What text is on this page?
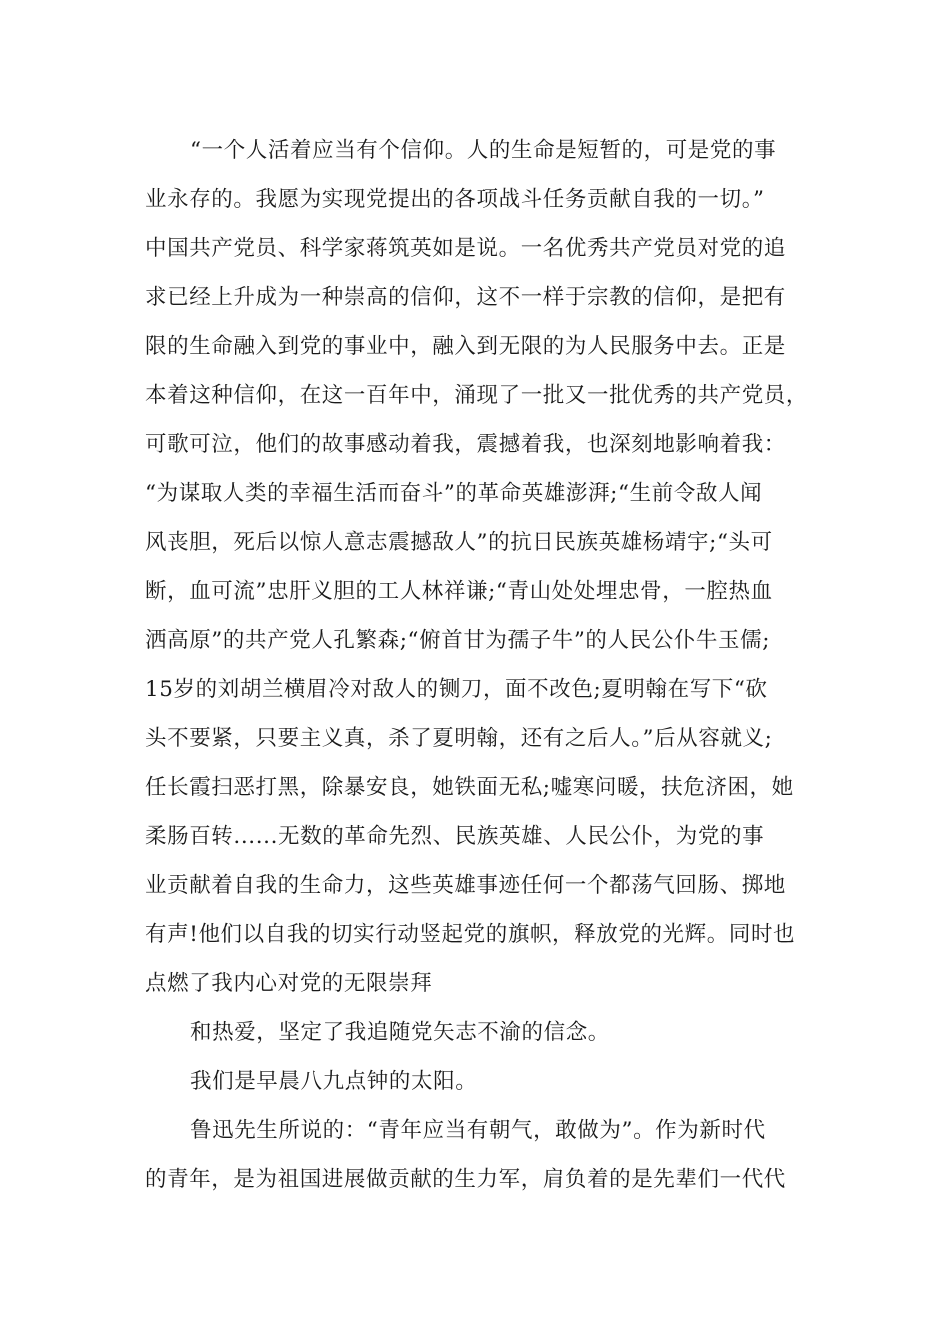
“一个人活着应当有个信仰。人的生命是短暂的，可是党的事
业永存的。我愿为实现党提出的各项战斗任务贡献自我的一切。”
中国共产党员、科学家蒋筑英如是说。一名优秀共产党员对党的追
求已经上升成为一种崇高的信仰，这不一样于宗教的信仰，是把有
限的生命融入到党的事业中，融入到无限的为人民服务中去。正是
本着这种信仰，在这一百年中，涌现了一批又一批优秀的共产党员，
可歌可泣，他们的故事感动着我，震撼着我，也深刻地影响着我：
“为谋取人类的幸福生活而奋斗”的革命英雄澎湃;“生前令敌人闻
风丧胆，死后以惊人意志震撼敌人”的抗日民族英雄杨靖宇;“头可
断，血可流”忠肝义胆的工人林祥谦;“青山处处埋忠骨，一腔热血
洒高原”的共产党人孔繁森;“俯首甘为孺子牛”的人民公仆牛玉儒;
15岁的刘胡兰横眉冷对敌人的铡刀，面不改色;夏明翰在写下“砍
头不要紧，只要主义真，杀了夏明翰，还有之后人。”后从容就义;
任长霞扫恶打黑，除暴安良，她铁面无私;嘘寒问暖，扶危济困，她
柔肠百转......无数的革命先烈、民族英雄、人民公仆，为党的事
业贡献着自我的生命力，这些英雄事迹任何一个都荡气回肠、掷地
有声!他们以自我的切实行动竖起党的旗帜，释放党的光辉。同时也
点燃了我内心对党的无限崇拜
和热爱，坚定了我追随党矢志不渝的信念。
我们是早晨八九点钟的太阳。
鲁迅先生所说的：“青年应当有朝气，敢做为”。作为新时代
的青年，是为祖国进展做贡献的生力军，肩负着的是先辈们一代代
